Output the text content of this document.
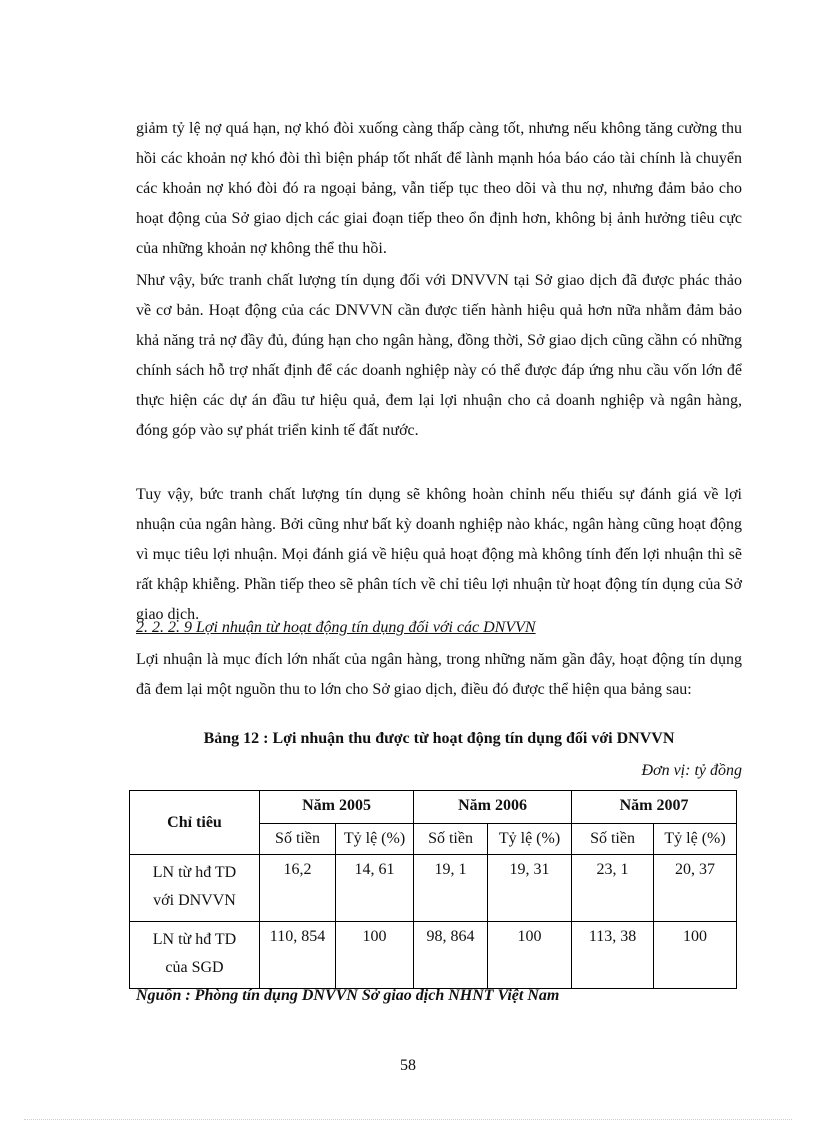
giảm tỷ lệ nợ quá hạn, nợ khó đòi xuống càng thấp càng tốt, nhưng nếu không tăng cường thu hồi các khoản nợ khó đòi thì biện pháp tốt nhất để lành mạnh hóa báo cáo tài chính là chuyển các khoản nợ khó đòi đó ra ngoại bảng, vẫn tiếp tục theo dõi và thu nợ, nhưng đảm bảo cho hoạt động của Sở giao dịch các giai đoạn tiếp theo ổn định hơn, không bị ảnh hưởng tiêu cực của những khoản nợ không thể thu hồi.

Như vậy, bức tranh chất lượng tín dụng đối với DNVVN tại Sở giao dịch đã được phác thảo về cơ bản. Hoạt động của các DNVVN cần được tiến hành hiệu quả hơn nữa nhằm đảm bảo khả năng trả nợ đầy đủ, đúng hạn cho ngân hàng, đồng thời, Sở giao dịch cũng cầhn có những chính sách hỗ trợ nhất định để các doanh nghiệp này có thể được đáp ứng nhu cầu vốn lớn để thực hiện các dự án đầu tư hiệu quả, đem lại lợi nhuận cho cả doanh nghiệp và ngân hàng, đóng góp vào sự phát triển kinh tế đất nước.

Tuy vậy, bức tranh chất lượng tín dụng sẽ không hoàn chỉnh nếu thiếu sự đánh giá về lợi nhuận của ngân hàng. Bởi cũng như bất kỳ doanh nghiệp nào khác, ngân hàng cũng hoạt động vì mục tiêu lợi nhuận. Mọi đánh giá về hiệu quả hoạt động mà không tính đến lợi nhuận thì sẽ rất khập khiễng. Phần tiếp theo sẽ phân tích về chỉ tiêu lợi nhuận từ hoạt động tín dụng của Sở giao dịch.

2. 2. 2. 9 Lợi nhuận từ hoạt động tín dụng đối với các DNVVN

Lợi nhuận là mục đích lớn nhất của ngân hàng, trong những năm gần đây, hoạt động tín dụng đã đem lại một nguồn thu to lớn cho Sở giao dịch, điều đó được thể hiện qua bảng sau:

Bảng 12 : Lợi nhuận thu được từ hoạt động tín dụng đối với DNVVN
Đơn vị: tỷ đồng
Chỉ tiêu	Năm 2005		Năm 2006		Năm 2007	
	Số tiền	Tỷ lệ (%)	Số tiền	Tỷ lệ (%)	Số tiền	Tỷ lệ (%)
LN từ hđ TD
với DNVVN	16,2	14, 61	19, 1	19, 31	23, 1	20, 37
LN từ hđ TD
của SGD	110, 854	100	98, 864	100	113, 38	100
Nguồn : Phòng tín dụng DNVVN Sở giao dịch NHNT Việt Nam
58
